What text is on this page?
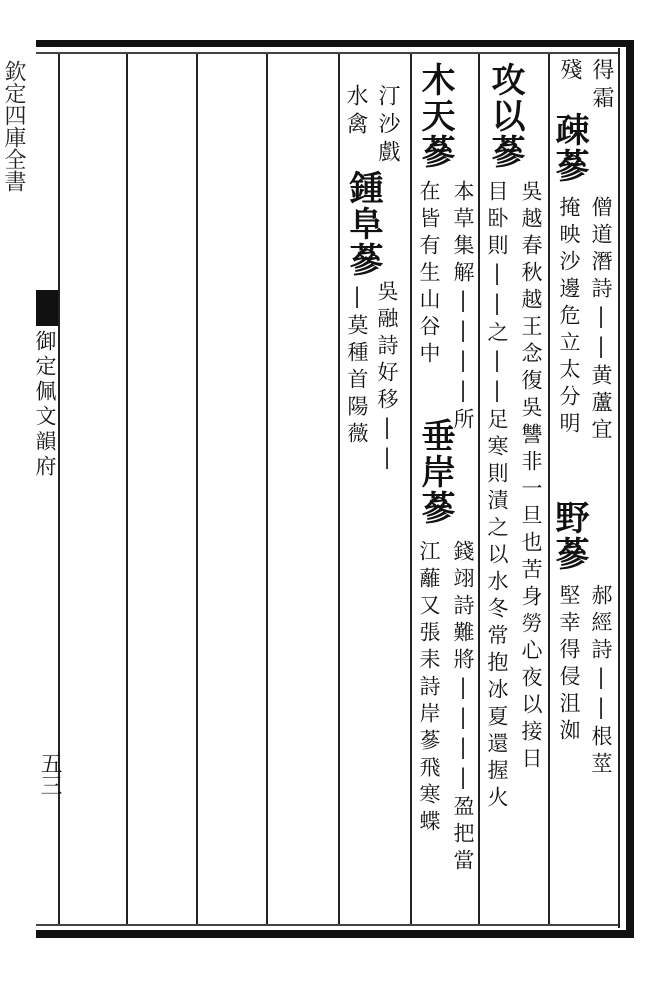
欽定四庫全書
御定佩文韻府
五三
得霜
殘
疎蔘
僧道潛詩||黄蘆宜
掩映沙邊危立太分明
野蔘
郝經詩||根莖
堅幸得侵沮洳
攻以蔘
吳越春秋越王念復吳讐非一旦也苦身勞心夜以接日
目卧則||之||足寒則漬之以水冬常抱冰夏還握火
木天蔘
本草集解||||所
在皆有生山谷中
垂岸蔘
錢翊詩難將||||盈把當
江蘺又張耒詩岸蔘飛寒蝶
汀沙戲
鍾阜蔘
吳融詩好移||
|莫種首陽薇
水禽
